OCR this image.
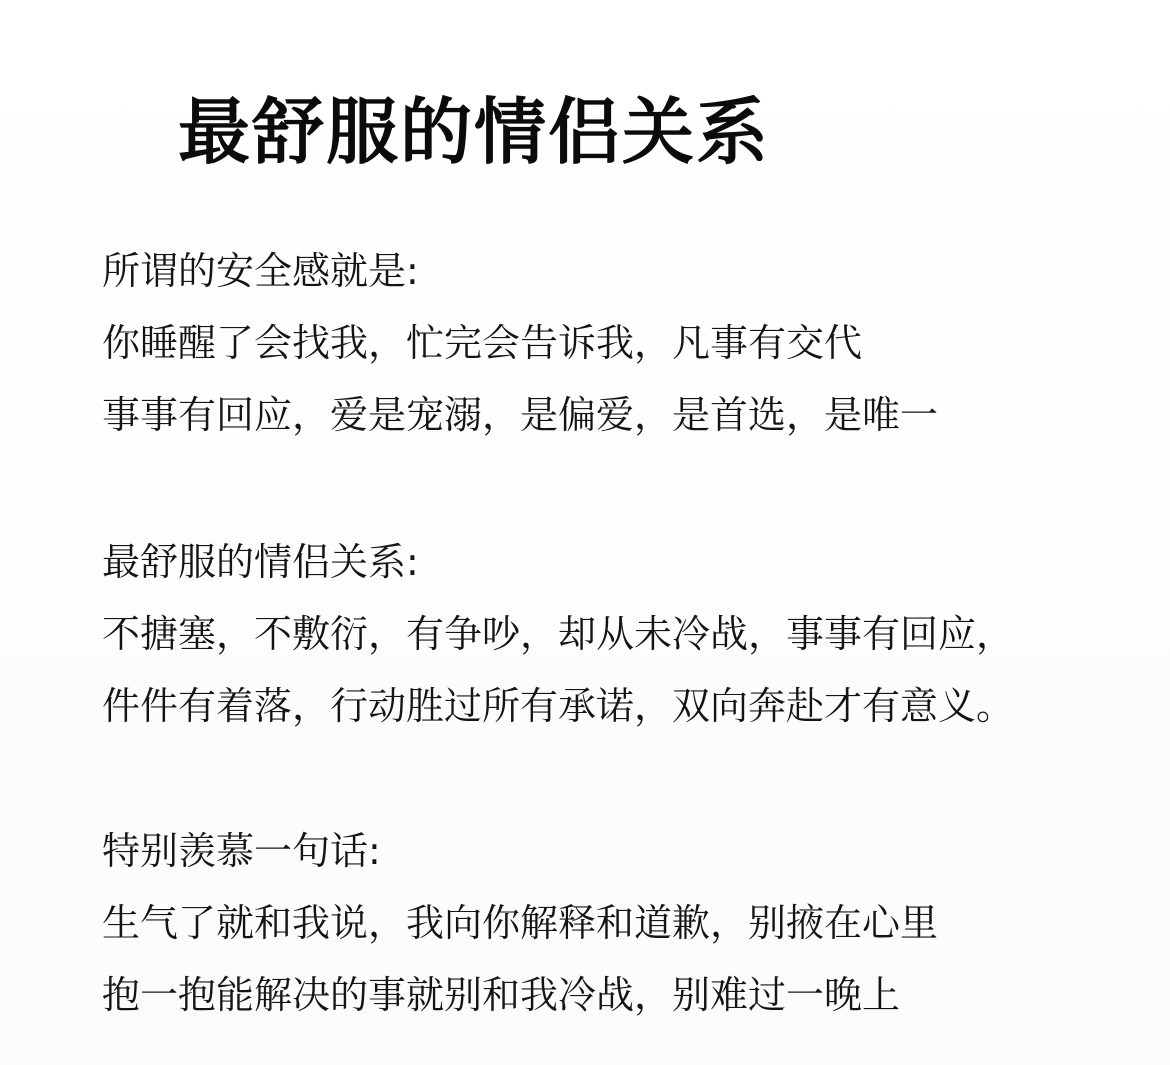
最舒服的情侣关系
所谓的安全感就是:
你睡醒了会找我，忙完会告诉我，凡事有交代
事事有回应，爱是宠溺，是偏爱，是首选，是唯一
最舒服的情侣关系:
不搪塞，不敷衍，有争吵，却从未冷战，事事有回应，
件件有着落，行动胜过所有承诺，双向奔赴才有意义。
特别羡慕一句话:
生气了就和我说，我向你解释和道歉，别掖在心里
抱一抱能解决的事就别和我冷战，别难过一晚上
